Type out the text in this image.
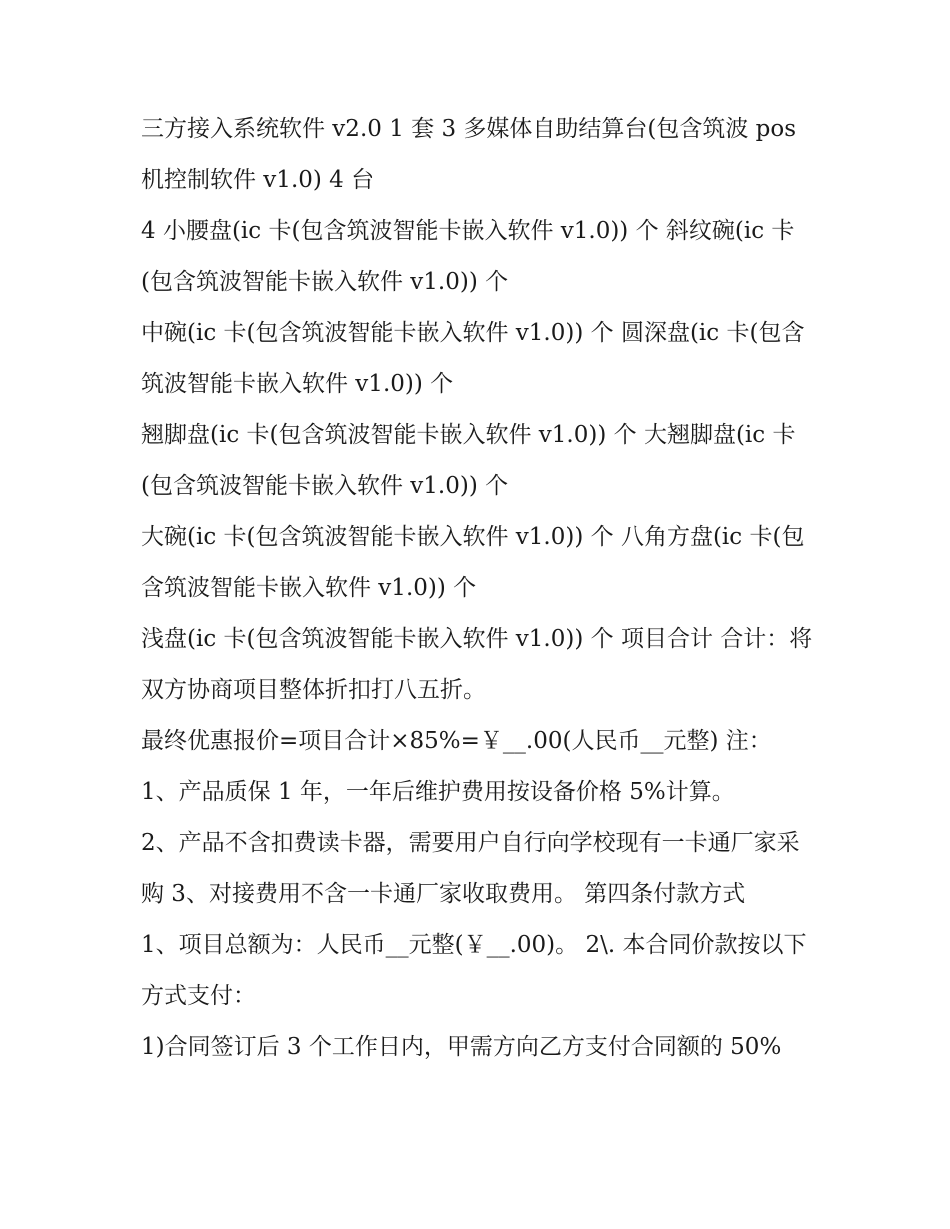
三方接入系统软件 v2.0 1 套 3 多媒体自助结算台(包含筑波 pos 机控制软件 v1.0) 4 台

4 小腰盘(ic 卡(包含筑波智能卡嵌入软件 v1.0)) 个 斜纹碗(ic 卡(包含筑波智能卡嵌入软件 v1.0)) 个

中碗(ic 卡(包含筑波智能卡嵌入软件 v1.0)) 个 圆深盘(ic 卡(包含筑波智能卡嵌入软件 v1.0)) 个

翘脚盘(ic 卡(包含筑波智能卡嵌入软件 v1.0)) 个 大翘脚盘(ic 卡(包含筑波智能卡嵌入软件 v1.0)) 个

大碗(ic 卡(包含筑波智能卡嵌入软件 v1.0)) 个 八角方盘(ic 卡(包含筑波智能卡嵌入软件 v1.0)) 个

浅盘(ic 卡(包含筑波智能卡嵌入软件 v1.0)) 个 项目合计 合计：将双方协商项目整体折扣打八五折。

最终优惠报价=项目合计×85%=￥__.00(人民币__元整) 注： 1、产品质保 1 年，一年后维护费用按设备价格 5%计算。

2、产品不含扣费读卡器，需要用户自行向学校现有一卡通厂家采购 3、对接费用不含一卡通厂家收取费用。 第四条付款方式

1、项目总额为：人民币__元整(￥__.00)。 2\. 本合同价款按以下方式支付：

1)合同签订后 3 个工作日内，甲需方向乙方支付合同额的 50%
